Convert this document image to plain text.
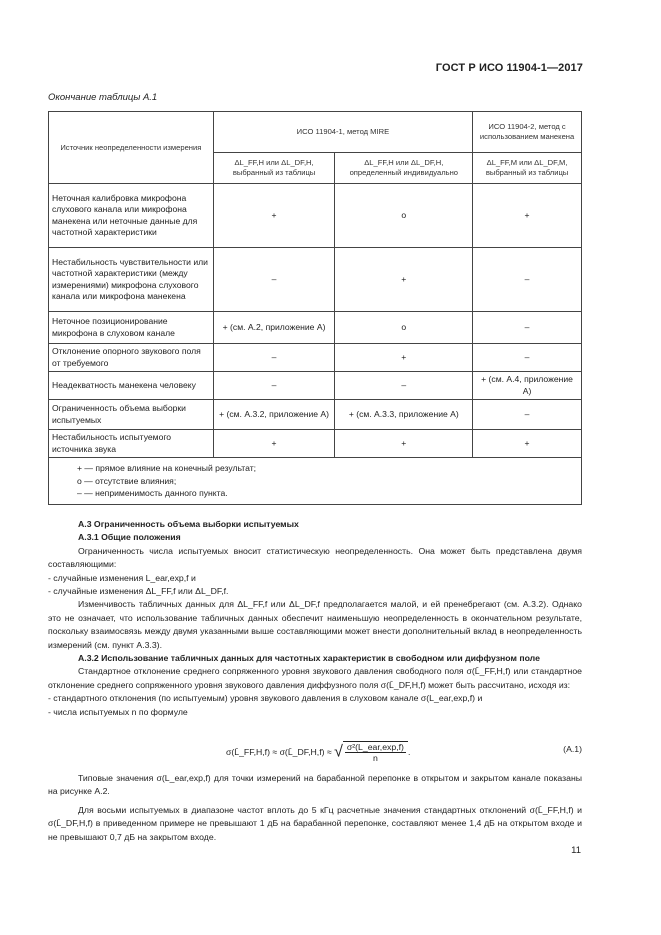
ГОСТ Р ИСО 11904-1—2017
Окончание таблицы А.1
Источник неопределенности измерения	ИСО 11904-1, метод MIRE		ИСО 11904-2, метод с использованием манекена
	ΔL_FF,H или ΔL_DF,H, выбранный из таблицы	ΔL_FF,H или ΔL_DF,H, определенный индивидуально	ΔL_FF,M или ΔL_DF,M, выбранный из таблицы
Неточная калибровка микрофона слухового канала или микрофона манекена или неточные данные для частотной характеристики	+	o	+
Нестабильность чувствительности или частотной характеристики (между измерениями) микрофона слухового канала или микрофона манекена	–	+	–
Неточное позиционирование микрофона в слуховом канале	+ (см. А.2, приложение А)	o	–
Отклонение опорного звукового поля от требуемого	–	+	–
Неадекватность манекена человеку	–	–	+ (см. А.4, приложение А)
Ограниченность объема выборки испытуемых	+ (см. А.3.2, приложение А)	+ (см. А.3.3, приложение А)	–
Нестабильность испытуемого источника звука	+	+	+

+ — прямое влияние на конечный результат;
o — отсутствие влияния;
– — неприменимость данного пункта.			

А.3 Ограниченность объема выборки испытуемых

А.3.1 Общие положения

Ограниченность числа испытуемых вносит статистическую неопределенность. Она может быть представлена двумя составляющими:

- случайные изменения L_ear,exp,f и

- случайные изменения ΔL_FF,f или ΔL_DF,f.

Изменчивость табличных данных для ΔL_FF,f или ΔL_DF,f предполагается малой, и ей пренебрегают (см. А.3.2). Однако это не означает, что использование табличных данных обеспечит наименьшую неопределенность в окончательном результате, поскольку взаимосвязь между двумя указанными выше составляющими может внести дополнительный вклад в неопределенность измерений (см. пункт А.3.3).

А.3.2 Использование табличных данных для частотных характеристик в свободном или диффузном поле

Стандартное отклонение среднего сопряженного уровня звукового давления свободного поля σ(L̄_FF,H,f) или стандартное отклонение среднего сопряженного уровня звукового давления диффузного поля σ(L̄_DF,H,f) может быть рассчитано, исходя из:

- стандартного отклонения (по испытуемым) уровня звукового давления в слуховом канале σ(L_ear,exp,f) и

- числа испытуемых n по формуле

σ(L̄_FF,H,f) ≈ σ(L̄_DF,H,f) ≈ √ $\frac{\text{σ²(L\_ear,exp,f)}}{n}$ .	(А.1)

Типовые значения σ(L_ear,exp,f) для точки измерений на барабанной перепонке в открытом и закрытом канале показаны на рисунке А.2.

Для восьми испытуемых в диапазоне частот вплоть до 5 кГц расчетные значения стандартных отклонений σ(L̄_FF,H,f) и σ(L̄_DF,H,f) в приведенном примере не превышают 1 дБ на барабанной перепонке, составляют менее 1,4 дБ на открытом входе и не превышают 0,7 дБ на закрытом входе.

11
